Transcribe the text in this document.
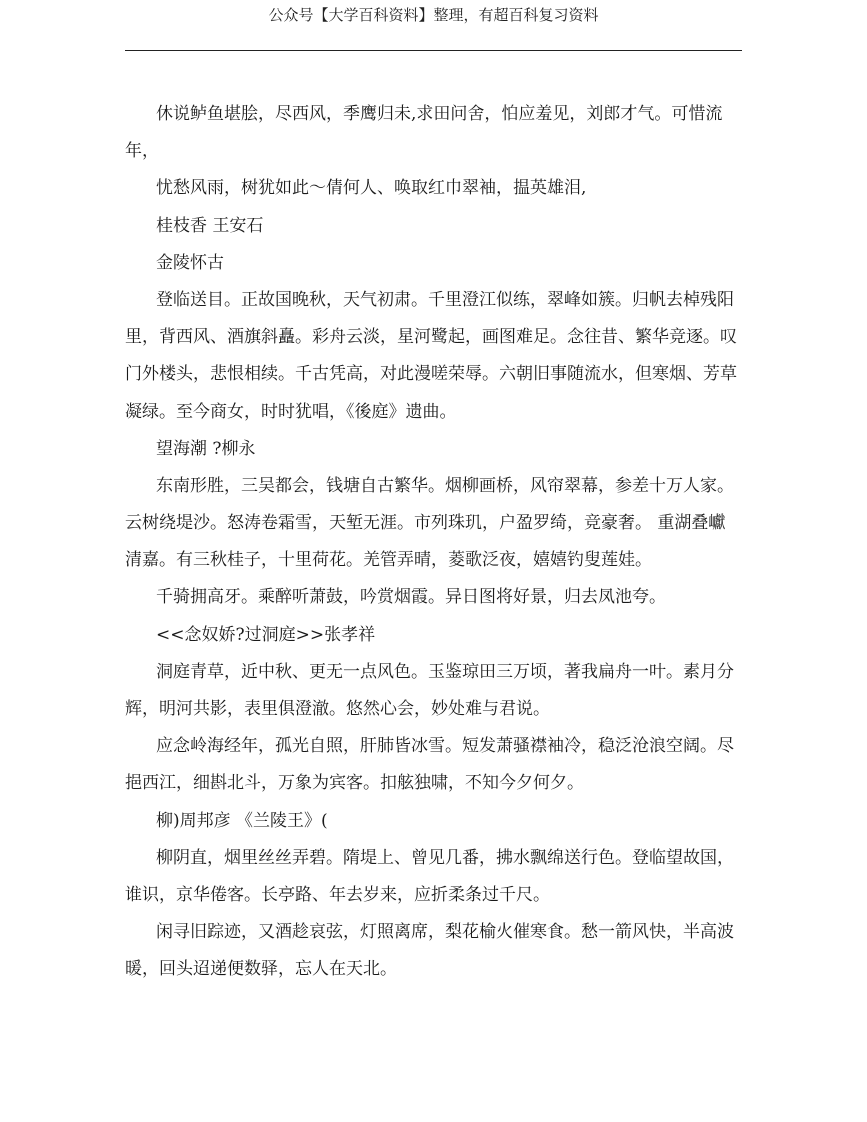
公众号【大学百科资料】整理，有超百科复习资料
休说鲈鱼堪脍，尽西风，季鹰归未,求田问舍，怕应羞见，刘郎才气。可惜流
年，
忧愁风雨，树犹如此～倩何人、唤取红巾翠袖，揾英雄泪,
桂枝香 王安石
金陵怀古
登临送目。正故国晚秋，天气初肃。千里澄江似练，翠峰如簇。归帆去棹残阳
里，背西风、酒旗斜矗。彩舟云淡，星河鹭起，画图难足。念往昔、繁华竞逐。叹
门外楼头，悲恨相续。千古凭高，对此漫嗟荣辱。六朝旧事随流水，但寒烟、芳草
凝绿。至今商女，时时犹唱，《後庭》遗曲。
望海潮 ?柳永
东南形胜，三吴都会，钱塘自古繁华。烟柳画桥，风帘翠幕，参差十万人家。
云树绕堤沙。怒涛卷霜雪，天堑无涯。市列珠玑，户盈罗绮，竞豪奢。 重湖叠巘
清嘉。有三秋桂子，十里荷花。羌管弄晴，菱歌泛夜，嬉嬉钓叟莲娃。
千骑拥高牙。乘醉听萧鼓，吟赏烟霞。异日图将好景，归去凤池夸。
<<念奴娇?过洞庭>>张孝祥
洞庭青草，近中秋、更无一点风色。玉鉴琼田三万顷，著我扁舟一叶。素月分
辉，明河共影，表里俱澄澈。悠然心会，妙处难与君说。
应念岭海经年，孤光自照，肝肺皆冰雪。短发萧骚襟袖冷，稳泛沧浪空阔。尽
挹西江，细斟北斗，万象为宾客。扣舷独啸，不知今夕何夕。
柳)周邦彦 《兰陵王》(
柳阴直，烟里丝丝弄碧。隋堤上、曾见几番，拂水飘绵送行色。登临望故国，
谁识，京华倦客。长亭路、年去岁来，应折柔条过千尺。
闲寻旧踪迹，又酒趁哀弦，灯照离席，梨花榆火催寒食。愁一箭风快，半高波
暖，回头迢递便数驿，忘人在天北。
